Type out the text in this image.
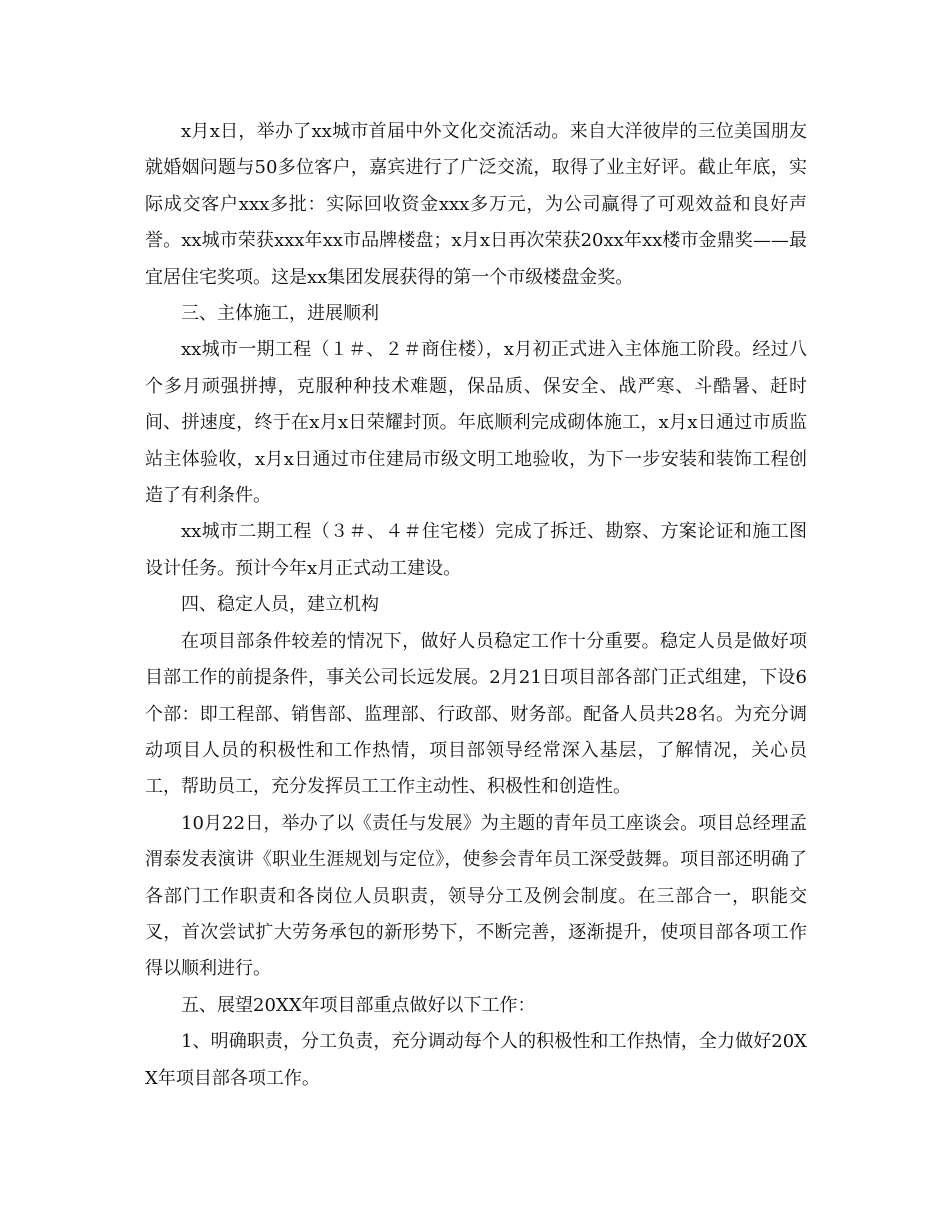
x月x日，举办了xx城市首届中外文化交流活动。来自大洋彼岸的三位美国朋友就婚姻问题与50多位客户，嘉宾进行了广泛交流，取得了业主好评。截止年底，实际成交客户xxx多批：实际回收资金xxx多万元，为公司赢得了可观效益和良好声誉。xx城市荣获xxx年xx市品牌楼盘；x月x日再次荣获20xx年xx楼市金鼎奖——最宜居住宅奖项。这是xx集团发展获得的第一个市级楼盘金奖。

三、主体施工，进展顺利

xx城市一期工程（１＃、２＃商住楼），x月初正式进入主体施工阶段。经过八个多月顽强拼搏，克服种种技术难题，保品质、保安全、战严寒、斗酷暑、赶时间、拼速度，终于在x月x日荣耀封顶。年底顺利完成砌体施工，x月x日通过市质监站主体验收，x月x日通过市住建局市级文明工地验收，为下一步安装和装饰工程创造了有利条件。

xx城市二期工程（３＃、４＃住宅楼）完成了拆迁、勘察、方案论证和施工图设计任务。预计今年x月正式动工建设。

四、稳定人员，建立机构

在项目部条件较差的情况下，做好人员稳定工作十分重要。稳定人员是做好项目部工作的前提条件，事关公司长远发展。2月21日项目部各部门正式组建，下设6个部：即工程部、销售部、监理部、行政部、财务部。配备人员共28名。为充分调动项目人员的积极性和工作热情，项目部领导经常深入基层，了解情况，关心员工，帮助员工，充分发挥员工工作主动性、积极性和创造性。

10月22日，举办了以《责任与发展》为主题的青年员工座谈会。项目总经理孟渭泰发表演讲《职业生涯规划与定位》，使参会青年员工深受鼓舞。项目部还明确了各部门工作职责和各岗位人员职责，领导分工及例会制度。在三部合一，职能交叉，首次尝试扩大劳务承包的新形势下，不断完善，逐渐提升，使项目部各项工作得以顺利进行。

五、展望20XX年项目部重点做好以下工作：

1、明确职责，分工负责，充分调动每个人的积极性和工作热情，全力做好20XX年项目部各项工作。
